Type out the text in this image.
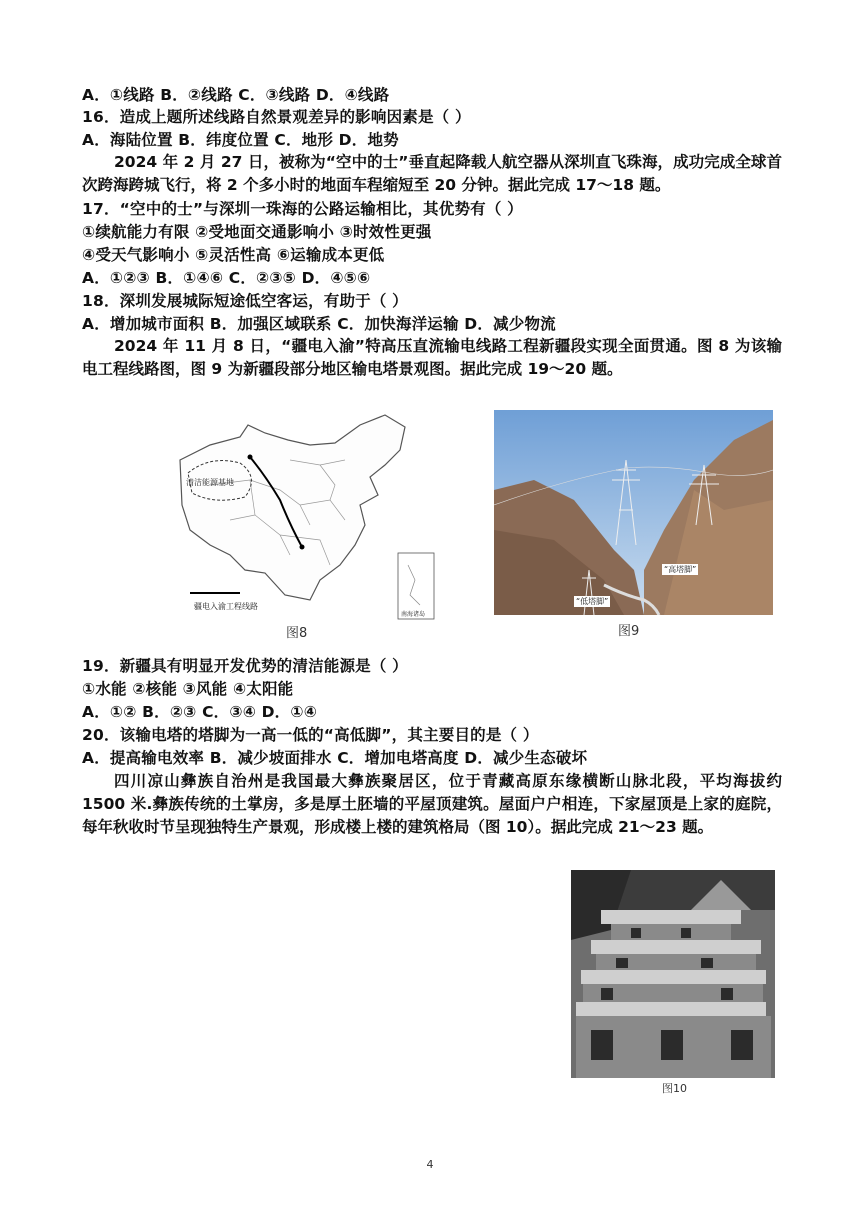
A．①线路 B．②线路 C．③线路 D．④线路
16．造成上题所述线路自然景观差异的影响因素是（ ）
A．海陆位置 B．纬度位置 C．地形 D．地势
2024 年 2 月 27 日，被称为“空中的士”垂直起降载人航空器从深圳直飞珠海，成功完成全球首次跨海跨城飞行，将 2 个多小时的地面车程缩短至 20 分钟。据此完成 17～18 题。
17．“空中的士”与深圳一珠海的公路运输相比，其优势有（ ）
①续航能力有限 ②受地面交通影响小 ③时效性更强
④受天气影响小 ⑤灵活性高 ⑥运输成本更低
A．①②③ B．①④⑥ C．②③⑤ D．④⑤⑥
18．深圳发展城际短途低空客运，有助于（ ）
A．增加城市面积 B．加强区域联系 C．加快海洋运输 D．减少物流
2024 年 11 月 8 日，“疆电入渝”特高压直流输电线路工程新疆段实现全面贯通。图 8 为该输电工程线路图，图 9 为新疆段部分地区输电塔景观图。据此完成 19～20 题。
清洁能源基地
疆电入渝工程线路
南海诸岛
图8
“高塔脚”
“低塔脚”
图9
19．新疆具有明显开发优势的清洁能源是（ ）
①水能 ②核能 ③风能 ④太阳能
A．①② B．②③ C．③④ D．①④
20．该输电塔的塔脚为一高一低的“高低脚”，其主要目的是（ ）
A．提高输电效率 B．减少坡面排水 C．增加电塔高度 D．减少生态破坏
四川凉山彝族自治州是我国最大彝族聚居区，位于青藏高原东缘横断山脉北段，平均海拔约 1500 米.彝族传统的土掌房，多是厚土胚墙的平屋顶建筑。屋面户户相连，下家屋顶是上家的庭院，每年秋收时节呈现独特生产景观，形成楼上楼的建筑格局（图 10）。据此完成 21～23 题。
图10
4
